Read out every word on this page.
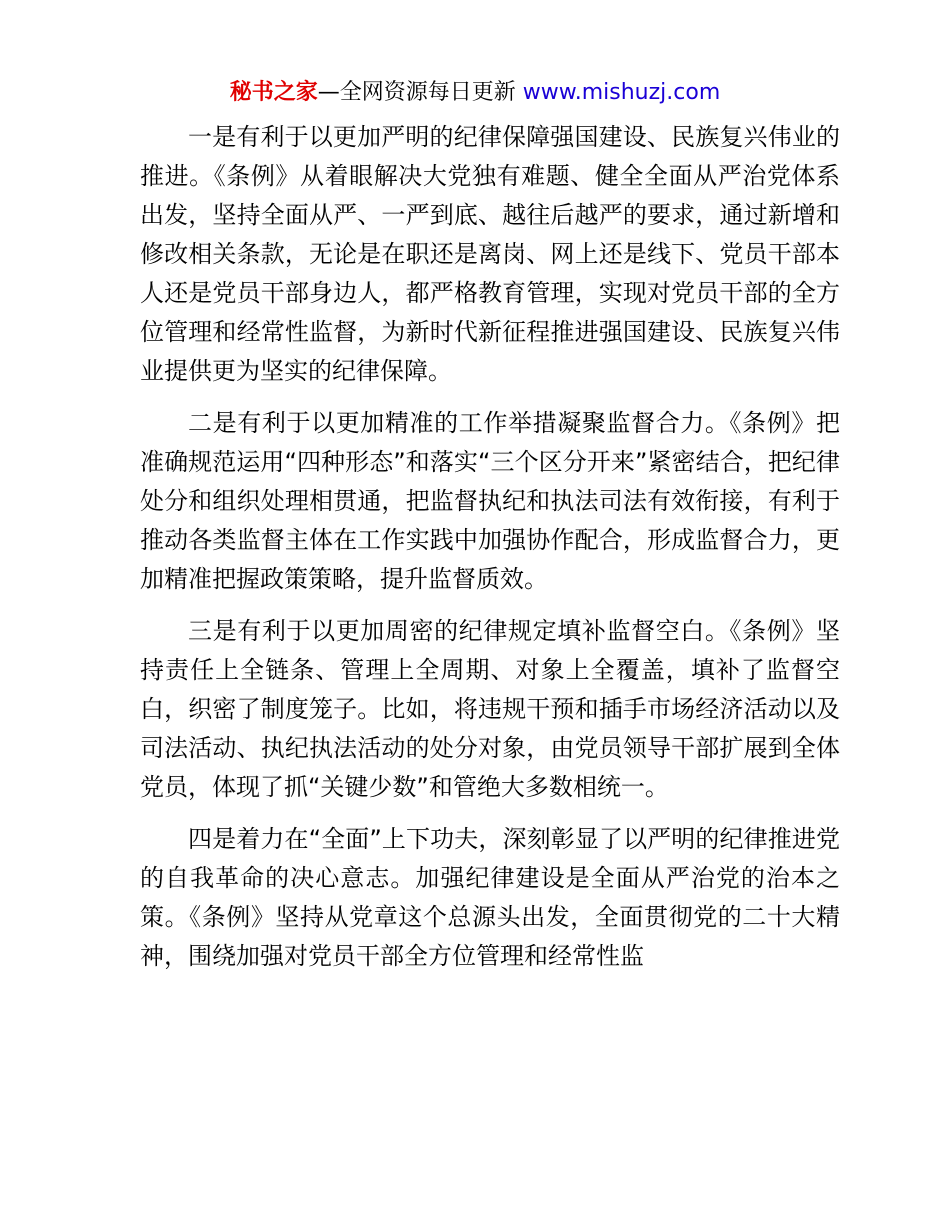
秘书之家—全网资源每日更新 www.mishuzj.com

一是有利于以更加严明的纪律保障强国建设、民族复兴伟业的推进。《条例》从着眼解决大党独有难题、健全全面从严治党体系出发，坚持全面从严、一严到底、越往后越严的要求，通过新增和修改相关条款，无论是在职还是离岗、网上还是线下、党员干部本人还是党员干部身边人，都严格教育管理，实现对党员干部的全方位管理和经常性监督，为新时代新征程推进强国建设、民族复兴伟业提供更为坚实的纪律保障。

二是有利于以更加精准的工作举措凝聚监督合力。《条例》把准确规范运用“四种形态”和落实“三个区分开来”紧密结合，把纪律处分和组织处理相贯通，把监督执纪和执法司法有效衔接，有利于推动各类监督主体在工作实践中加强协作配合，形成监督合力，更加精准把握政策策略，提升监督质效。

三是有利于以更加周密的纪律规定填补监督空白。《条例》坚持责任上全链条、管理上全周期、对象上全覆盖，填补了监督空白，织密了制度笼子。比如，将违规干预和插手市场经济活动以及司法活动、执纪执法活动的处分对象，由党员领导干部扩展到全体党员，体现了抓“关键少数”和管绝大多数相统一。

四是着力在“全面”上下功夫，深刻彰显了以严明的纪律推进党的自我革命的决心意志。加强纪律建设是全面从严治党的治本之策。《条例》坚持从党章这个总源头出发，全面贯彻党的二十大精神，围绕加强对党员干部全方位管理和经常性监
